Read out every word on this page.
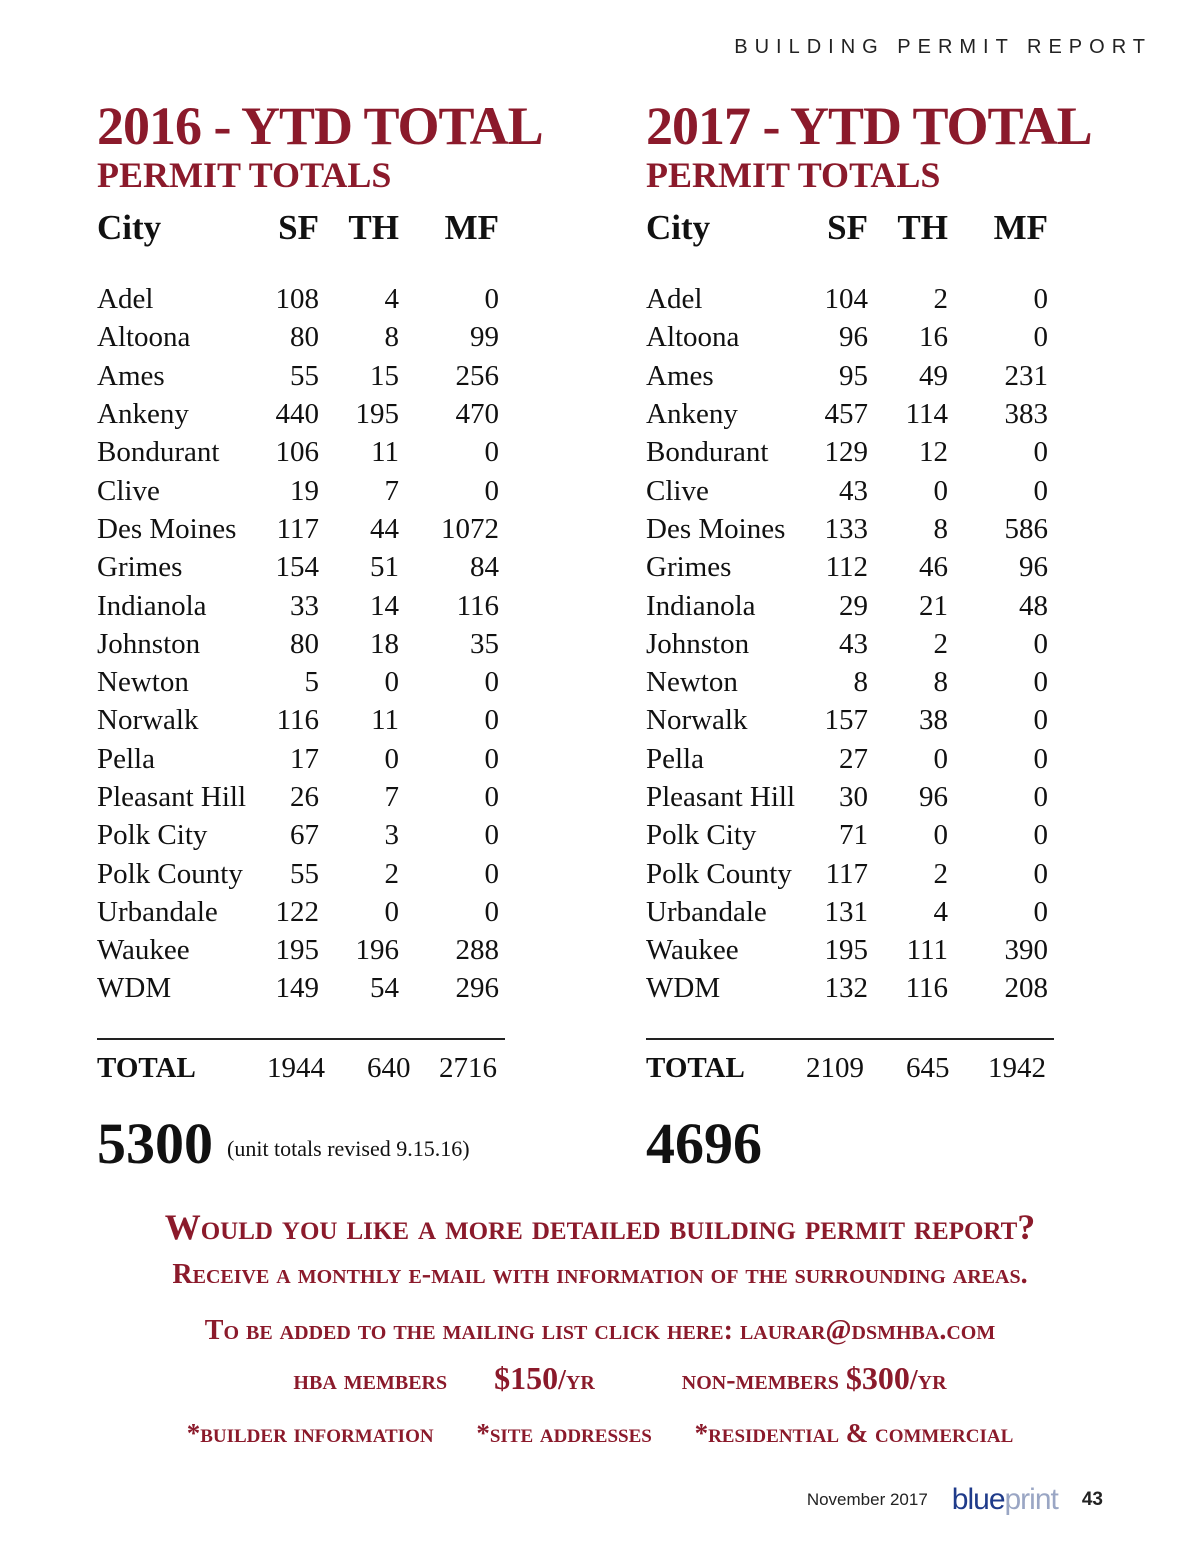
BUILDING PERMIT REPORT
2016 - YTD TOTAL
PERMIT TOTALS
City	SF	TH	MF

Adel	108	4	0
Altoona	80	8	99
Ames	55	15	256
Ankeny	440	195	470
Bondurant	106	11	0
Clive	19	7	0
Des Moines	117	44	1072
Grimes	154	51	84
Indianola	33	14	116
Johnston	80	18	35
Newton	5	0	0
Norwalk	116	11	0
Pella	17	0	0
Pleasant Hill	26	7	0
Polk City	67	3	0
Polk County	55	2	0
Urbandale	122	0	0
Waukee	195	196	288
WDM	149	54	296
TOTAL 1944 640 2716
5300 (unit totals revised 9.15.16)
2017 - YTD TOTAL
PERMIT TOTALS
City	SF	TH	MF

Adel	104	2	0
Altoona	96	16	0
Ames	95	49	231
Ankeny	457	114	383
Bondurant	129	12	0
Clive	43	0	0
Des Moines	133	8	586
Grimes	112	46	96
Indianola	29	21	48
Johnston	43	2	0
Newton	8	8	0
Norwalk	157	38	0
Pella	27	0	0
Pleasant Hill	30	96	0
Polk City	71	0	0
Polk County	117	2	0
Urbandale	131	4	0
Waukee	195	111	390
WDM	132	116	208
TOTAL 2109 645 1942
4696
Would you like a more detailed building permit report?
Receive a monthly e-mail with information of the surrounding areas.
To be added to the mailing list click here: laurar@dsmhba.com
hba members $150/yr	non-members $300/yr
*builder information *site addresses *residential & commercial
November 2017 blueprint 43
